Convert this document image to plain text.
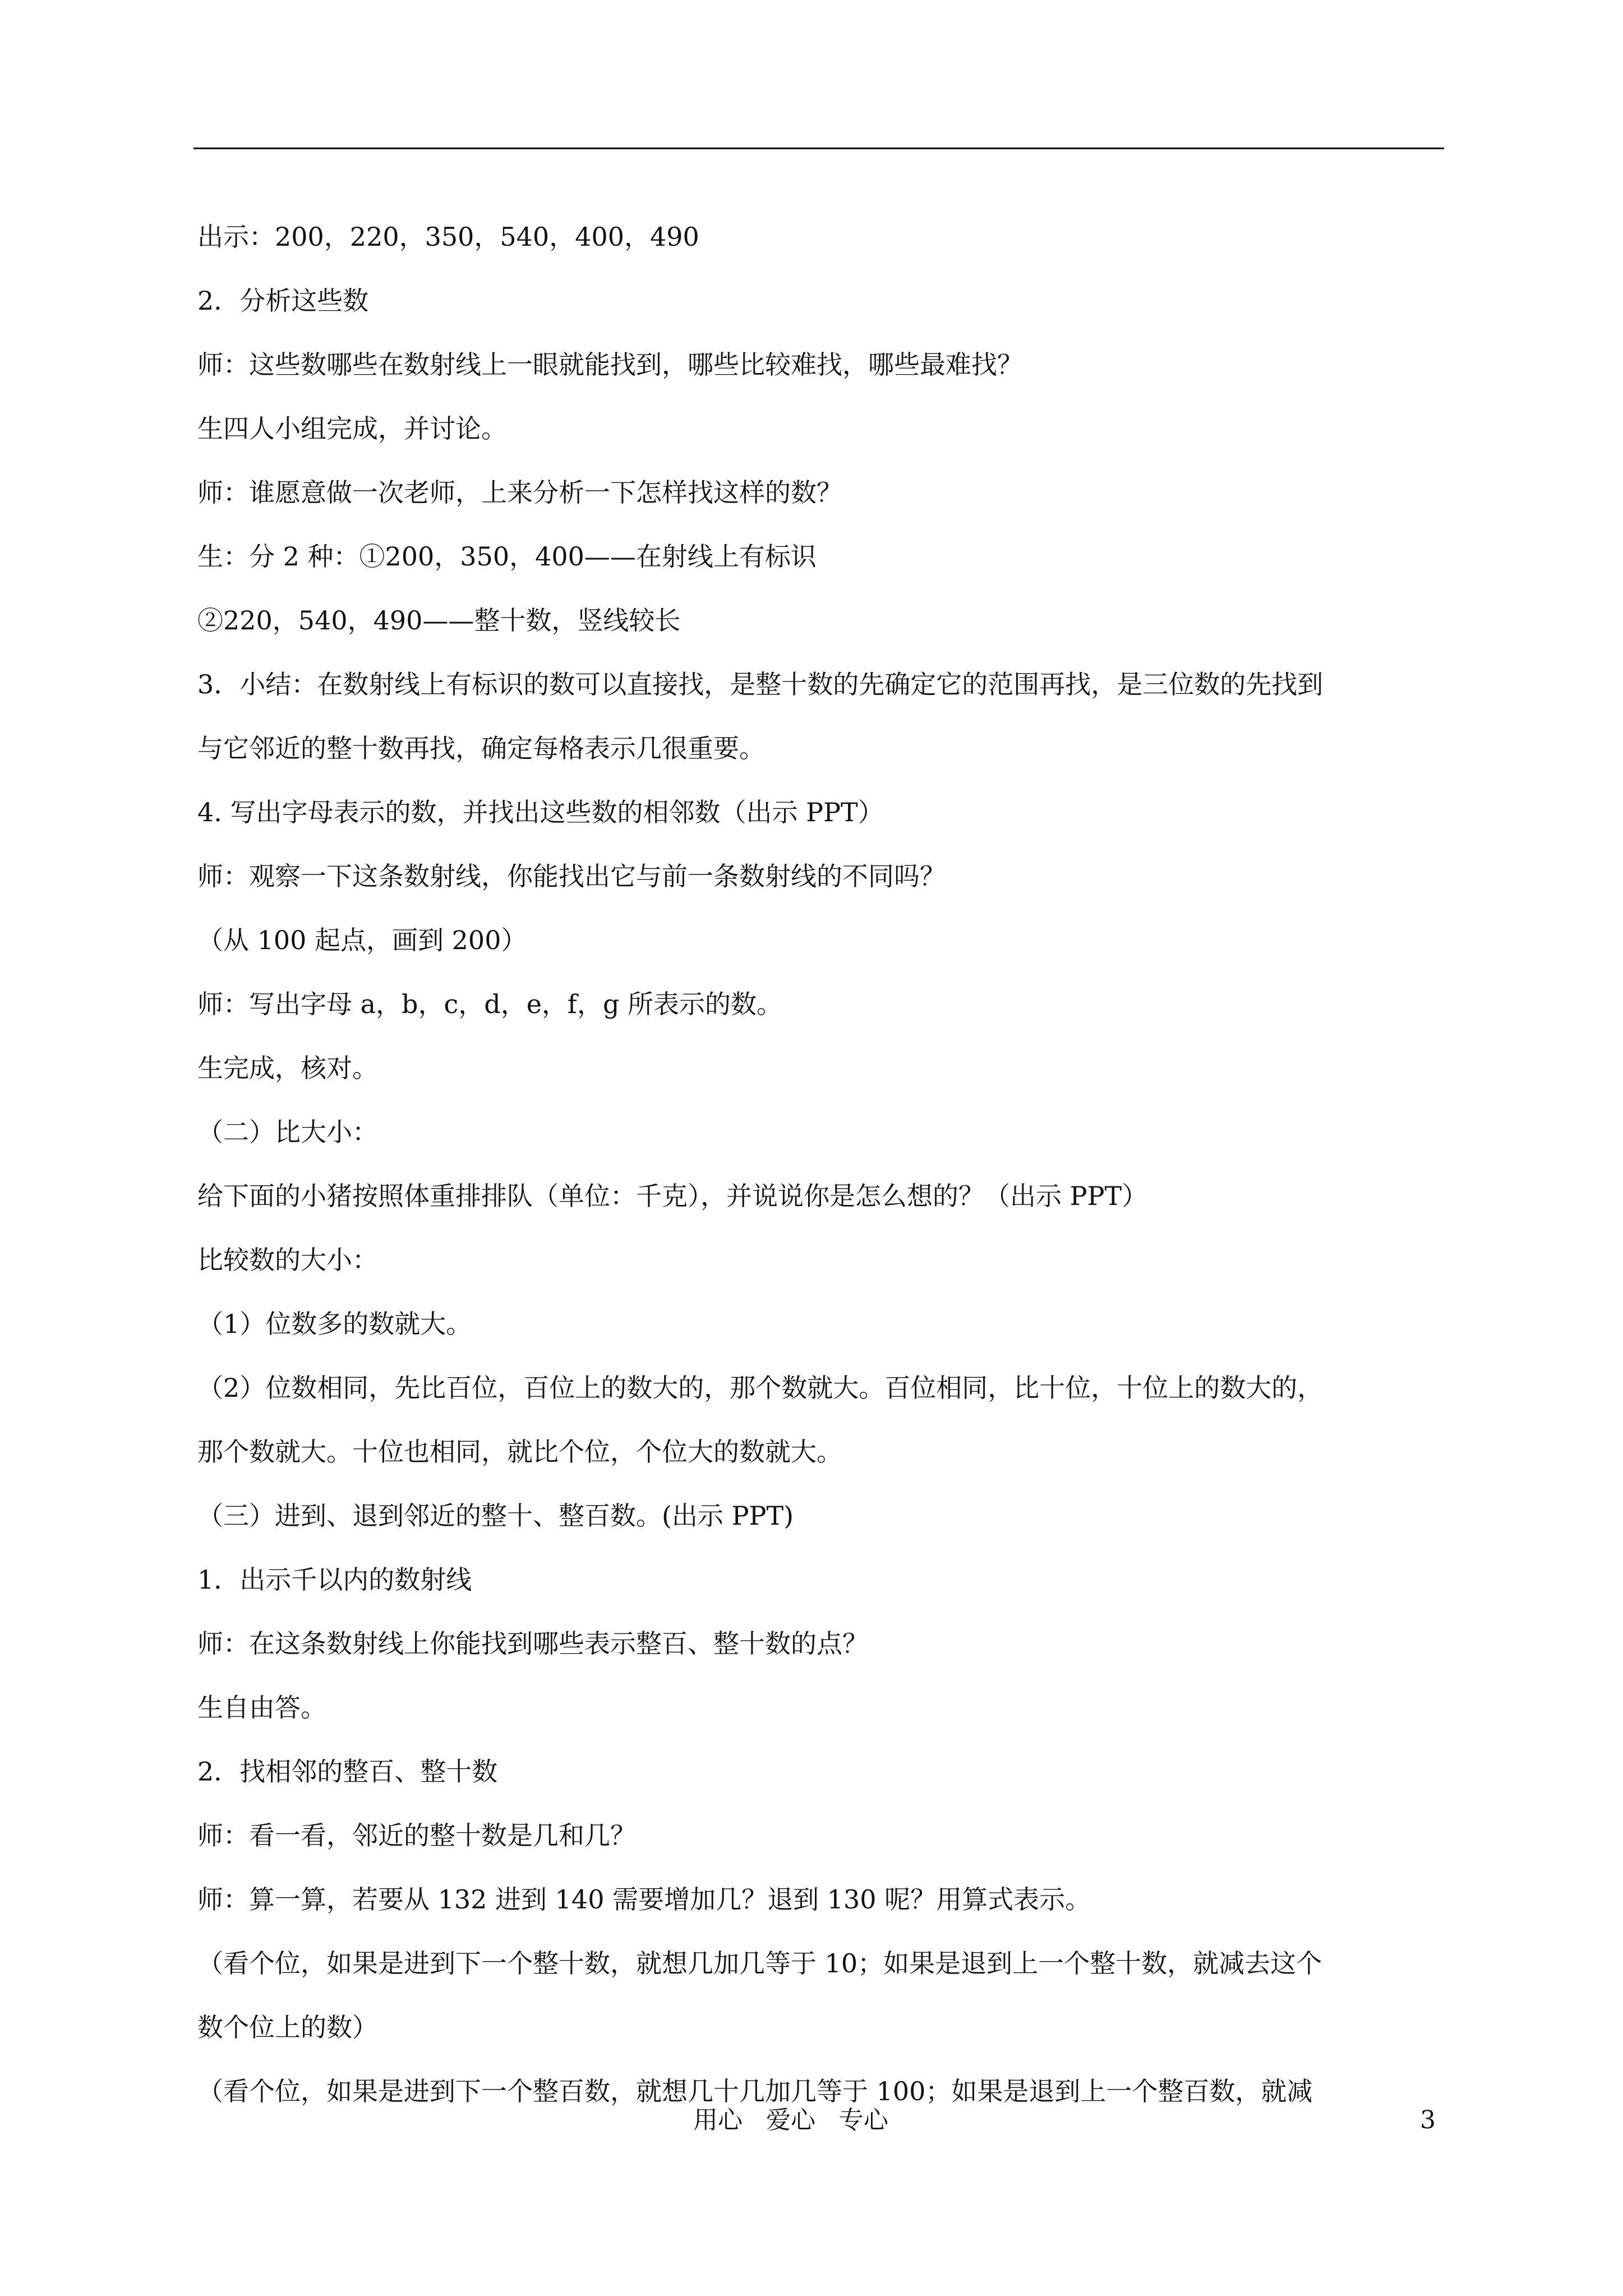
出示：200，220，350，540，400，490
2．分析这些数
师：这些数哪些在数射线上一眼就能找到，哪些比较难找，哪些最难找？
生四人小组完成，并讨论。
师：谁愿意做一次老师，上来分析一下怎样找这样的数？
生：分 2 种：①200，350，400——在射线上有标识
②220，540，490——整十数，竖线较长
3．小结：在数射线上有标识的数可以直接找，是整十数的先确定它的范围再找，是三位数的先找到
与它邻近的整十数再找，确定每格表示几很重要。
4. 写出字母表示的数，并找出这些数的相邻数（出示 PPT）
师：观察一下这条数射线，你能找出它与前一条数射线的不同吗？
（从 100 起点，画到 200）
师：写出字母 a，b，c，d，e，f，g 所表示的数。
生完成，核对。
（二）比大小：
给下面的小猪按照体重排排队（单位：千克），并说说你是怎么想的？（出示 PPT）
比较数的大小：
（1）位数多的数就大。
（2）位数相同，先比百位，百位上的数大的，那个数就大。百位相同，比十位，十位上的数大的，
那个数就大。十位也相同，就比个位，个位大的数就大。
（三）进到、退到邻近的整十、整百数。(出示 PPT)
1．出示千以内的数射线
师：在这条数射线上你能找到哪些表示整百、整十数的点？
生自由答。
2．找相邻的整百、整十数
师：看一看，邻近的整十数是几和几？
师：算一算，若要从 132 进到 140 需要增加几？退到 130 呢？用算式表示。
（看个位，如果是进到下一个整十数，就想几加几等于 10；如果是退到上一个整十数，就减去这个
数个位上的数）
（看个位，如果是进到下一个整百数，就想几十几加几等于 100；如果是退到上一个整百数，就减
用心   爱心   专心	3
